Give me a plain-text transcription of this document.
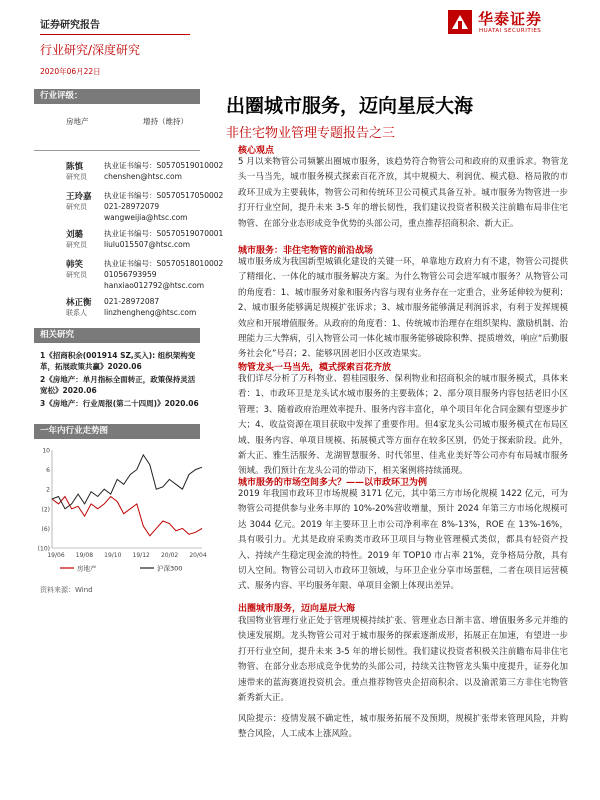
证券研究报告	华泰证券
HUATAI SECURITIES
行业研究/深度研究
2020年06月22日
行业评级：
房地产	增持（维持）
陈慎
研究员
执业证书编号：S0570519010002
chenshen@htsc.com
王玲嘉
研究员
执业证书编号：S0570517050002
021-28972079
wangweijia@htsc.com
刘璐
研究员
执业证书编号：S0570519070001
liulu015507@htsc.com
韩笑
研究员
执业证书编号：S0570518010002
01056793959
hanxiao012792@htsc.com
林正衡
联系人
021-28972087
linzhengheng@htsc.com
相关研究
1《招商积余(001914 SZ,买入): 组织架构变革，拓展政策共赢》2020.06
2《房地产：单月指标全面转正，政策保持灵活宽松》2020.06
3《房地产：行业周报(第二十四周)》2020.06
一年内行业走势图
10
6
2
(2)
(6)
(10)
19/06 19/08 19/10 19/12 20/02 20/04
房地产	沪深300
资料来源：Wind
出圈城市服务，迈向星辰大海
非住宅物业管理专题报告之三
核心观点
5 月以来物管公司频繁出圈城市服务，该趋势符合物管公司和政府的双重诉求。物管龙头一马当先，城市服务模式探索百花齐放，其中规模大、利润优、模式稳、格局散的市政环卫成为主要载体，物管公司和传统环卫公司模式具备互补。城市服务为物管进一步打开行业空间，提升未来 3-5 年的增长韧性，我们建议投资者积极关注前瞻布局非住宅物管、在部分业态形成竞争优势的头部公司，重点推荐招商积余、新大正。
城市服务：非住宅物管的前沿战场
城市服务成为我国新型城镇化建设的关键一环，单靠地方政府力有不逮，物管公司提供了精细化、一体化的城市服务解决方案。为什么物管公司会进军城市服务？从物管公司的角度看：1、城市服务对象和服务内容与现有业务存在一定重合，业务延伸较为便利；2、城市服务能够满足规模扩张诉求；3、城市服务能够满足利润诉求，有利于发挥规模效应和开展增值服务。从政府的角度看：1、传统城市治理存在组织架构、激励机制、治理能力三大弊病，引入物管公司一体化城市服务能够破除积弊、提质增效，响应“后勤服务社会化”号召；2、能够巩固老旧小区改造果实。
物管龙头一马当先，模式探索百花齐放
我们详尽分析了万科物业、碧桂园服务、保利物业和招商积余的城市服务模式，具体来看：1、市政环卫是龙头试水城市服务的主要载体；2、部分项目服务内容包括老旧小区管理；3、随着政府治理效率提升、服务内容丰富化，单个项目年化合同金额有望逐步扩大；4、收益资源在项目获取中发挥了重要作用。但4家龙头公司城市服务模式在布局区域、服务内容、单项目规模、拓展模式等方面存在较多区别，仍处于探索阶段。此外，新大正、雅生活服务、龙湖智慧服务、时代邻里、佳兆业美好等公司亦有布局城市服务领域。我们预计在龙头公司的带动下，相关案例将持续涌现。
城市服务的市场空间多大？——以市政环卫为例
2019 年我国市政环卫市场规模 3171 亿元，其中第三方市场化规模 1422 亿元，可为物管公司提供参与业务丰厚的 10%-20%营收增量，预计 2024 年第三方市场化规模可达 3044 亿元。2019 年主要环卫上市公司净利率在 8%-13%，ROE 在 13%-16%，具有吸引力。尤其是政府采购类市政环卫项目与物业管理模式类似，都具有轻资产投入、持续产生稳定现金流的特性。2019 年 TOP10 市占率 21%，竞争格局分散，具有切入空间。物管公司切入市政环卫领域，与环卫企业分享市场蛋糕，二者在项目运营模式、服务内容、平均服务年限、单项目金额上体现出差异。
出圈城市服务，迈向星辰大海
我国物业管理行业正处于管理规模持续扩张、管理业态日渐丰富、增值服务多元并维的快速发展期。龙头物管公司对于城市服务的探索逐渐成形，拓展正在加速，有望进一步打开行业空间，提升未来 3-5 年的增长韧性。我们建议投资者积极关注前瞻布局非住宅物管、在部分业态形成竞争优势的头部公司，持续关注物管龙头集中度提升，证券化加速带来的蓝海赛道投资机会。重点推荐物管央企招商积余、以及渝派第三方非住宅物管新秀新大正。
风险提示：疫情发展不确定性，城市服务拓展不及预期，规模扩张带来管理风险，并购整合风险，人工成本上涨风险。
